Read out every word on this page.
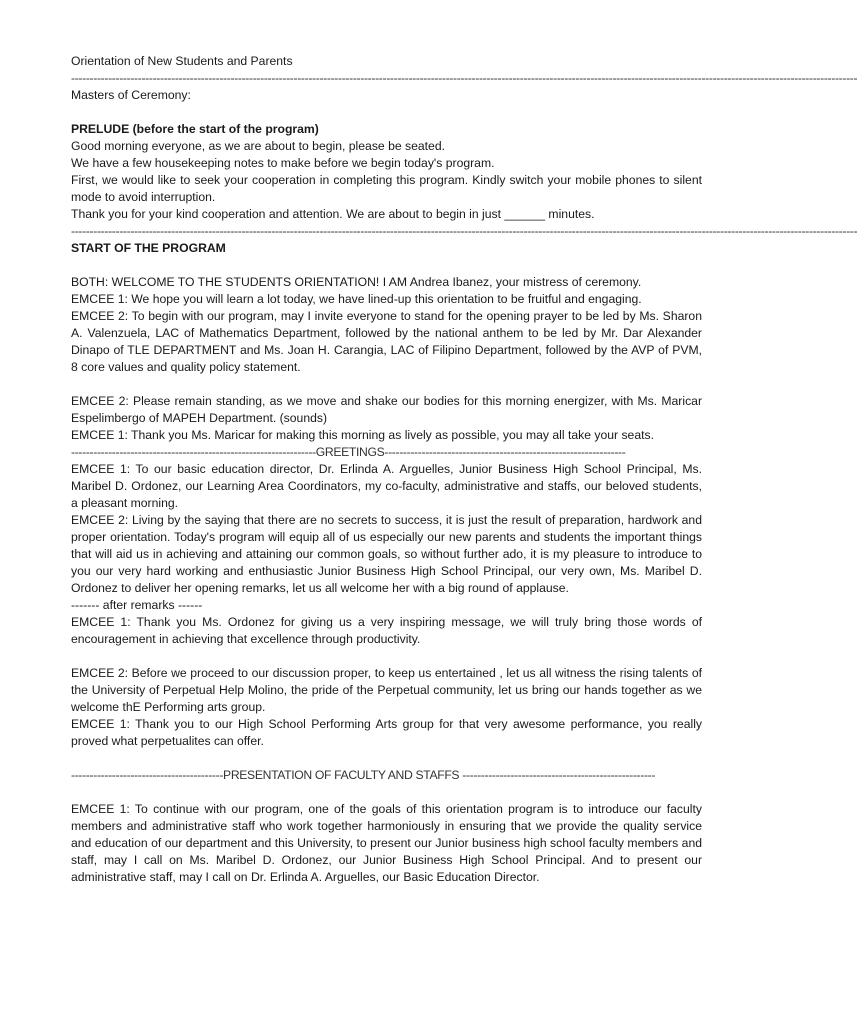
Orientation of New Students and Parents

--------------------------------------------------------------------------------------------------------------------------------------------------------------------------------------------------------------------

Masters of Ceremony:

PRELUDE (before the start of the program)

Good morning everyone, as we are about to begin, please be seated.

We have a few housekeeping notes to make before we begin today's program.

First, we would like to seek your cooperation in completing this program. Kindly switch your mobile phones to silent mode to avoid interruption.

Thank you for your kind cooperation and attention. We are about to begin in just ______ minutes.

--------------------------------------------------------------------------------------------------------------------------------------------------------------------------------------------------------------------

START OF THE PROGRAM

BOTH: WELCOME TO THE STUDENTS ORIENTATION! I AM Andrea Ibanez, your mistress of ceremony.

EMCEE 1: We hope you will learn a lot today, we have lined-up this orientation to be fruitful and engaging.

EMCEE 2: To begin with our program, may I invite everyone to stand for the opening prayer to be led by Ms. Sharon A. Valenzuela, LAC of Mathematics Department, followed by the national anthem to be led by Mr. Dar Alexander Dinapo of TLE DEPARTMENT and Ms. Joan H. Carangia, LAC of Filipino Department, followed by the AVP of PVM, 8 core values and quality policy statement.

EMCEE 2: Please remain standing, as we move and shake our bodies for this morning energizer, with Ms. Maricar Espelimbergo of MAPEH Department. (sounds)

EMCEE 1: Thank you Ms. Maricar for making this morning as lively as possible, you may all take your seats.

------------------------------------------------------------------GREETINGS-----------------------------------------------------------------

EMCEE 1: To our basic education director, Dr. Erlinda A. Arguelles, Junior Business High School Principal, Ms. Maribel D. Ordonez, our Learning Area Coordinators, my co-faculty, administrative and staffs, our beloved students, a pleasant morning.

EMCEE 2: Living by the saying that there are no secrets to success, it is just the result of preparation, hardwork and proper orientation. Today's program will equip all of us especially our new parents and students the important things that will aid us in achieving and attaining our common goals, so without further ado, it is my pleasure to introduce to you our very hard working and enthusiastic Junior Business High School Principal, our very own, Ms. Maribel D. Ordonez to deliver her opening remarks, let us all welcome her with a big round of applause.

------- after remarks ------

EMCEE 1: Thank you Ms. Ordonez for giving us a very inspiring message, we will truly bring those words of encouragement in achieving that excellence through productivity.

EMCEE 2: Before we proceed to our discussion proper, to keep us entertained , let us all witness the rising talents of the University of Perpetual Help Molino, the pride of the Perpetual community, let us bring our hands together as we welcome thE Performing arts group.

EMCEE 1: Thank you to our High School Performing Arts group for that very awesome performance, you really proved what perpetualites can offer.

-----------------------------------------PRESENTATION OF FACULTY AND STAFFS ----------------------------------------------------

EMCEE 1: To continue with our program, one of the goals of this orientation program is to introduce our faculty members and administrative staff who work together harmoniously in ensuring that we provide the quality service and education of our department and this University, to present our Junior business high school faculty members and staff, may I call on Ms. Maribel D. Ordonez, our Junior Business High School Principal. And to present our administrative staff, may I call on Dr. Erlinda A. Arguelles, our Basic Education Director.
